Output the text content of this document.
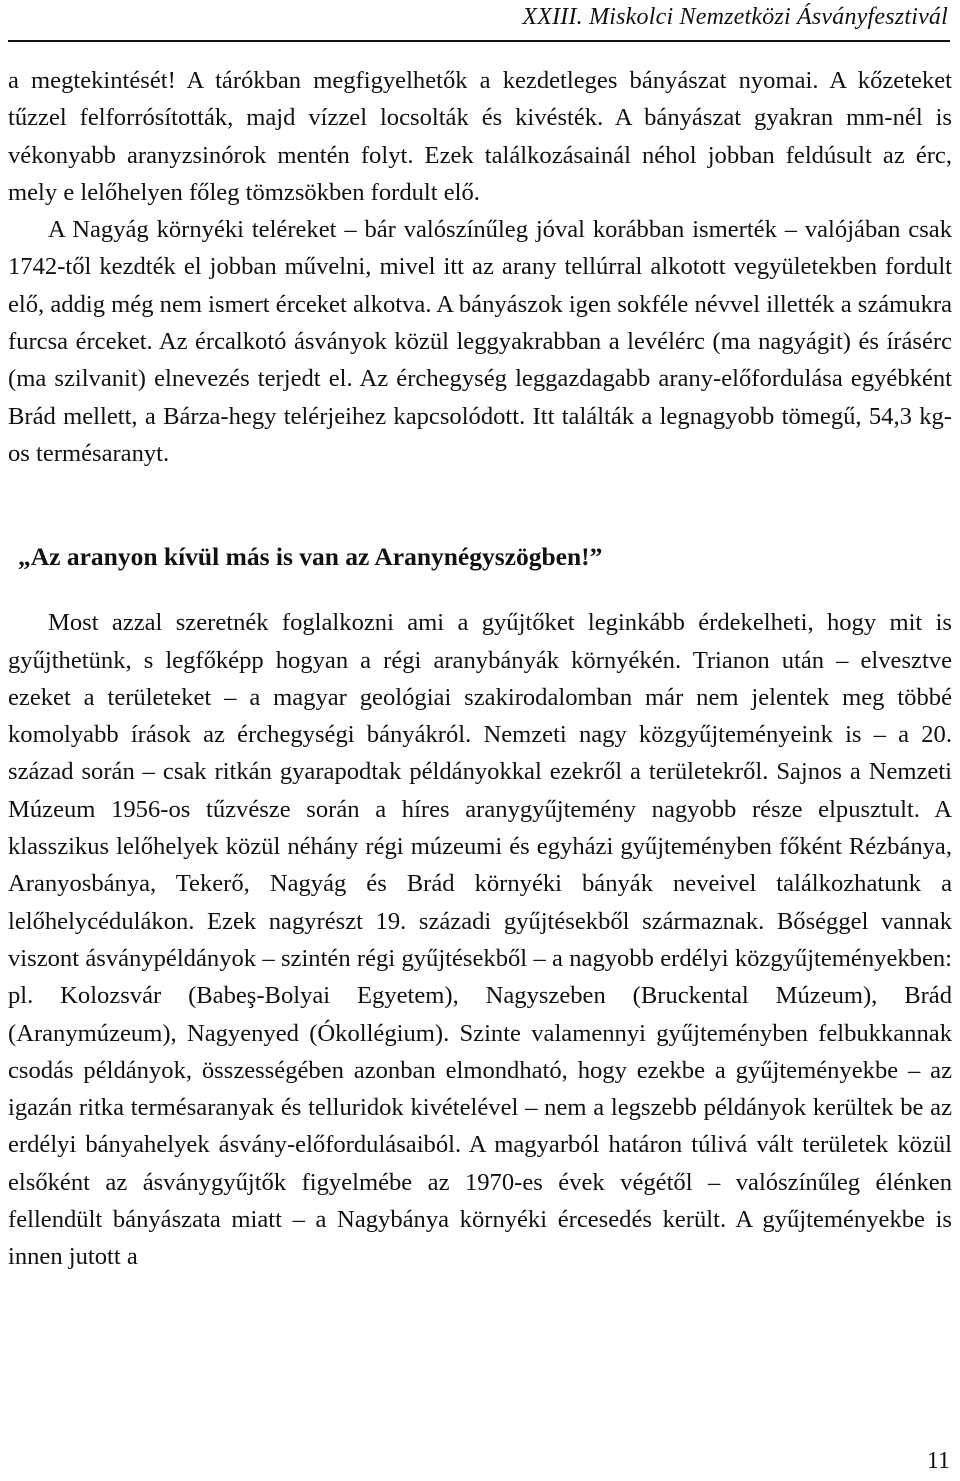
XXIII. Miskolci Nemzetközi Ásványfesztivál

a megtekintését! A tárókban megfigyelhetők a kezdetleges bányászat nyomai. A kőzeteket tűzzel felforrósították, majd vízzel locsolták és kivésték. A bányászat gyakran mm-nél is vékonyabb aranyzsinórok mentén folyt. Ezek találkozásainál néhol jobban feldúsult az érc, mely e lelőhelyen főleg tömzsökben fordult elő.

A Nagyág környéki teléreket – bár valószínűleg jóval korábban ismerték – valójában csak 1742-től kezdték el jobban művelni, mivel itt az arany tellúrral alkotott vegyületekben fordult elő, addig még nem ismert érceket alkotva. A bányászok igen sokféle névvel illették a számukra furcsa érceket. Az ércalkotó ásványok közül leggyakrabban a levélérc (ma nagyágit) és írásérc (ma szilvanit) elnevezés terjedt el. Az érchegység leggazdagabb arany-előfordulása egyébként Brád mellett, a Bárza-hegy telérjeihez kapcsolódott. Itt találták a legnagyobb tömegű, 54,3 kg-os termésaranyt.

„Az aranyon kívül más is van az Aranynégyszögben!”

Most azzal szeretnék foglalkozni ami a gyűjtőket leginkább érdekelheti, hogy mit is gyűjthetünk, s legfőképp hogyan a régi aranybányák környékén. Trianon után – elvesztve ezeket a területeket – a magyar geológiai szakirodalomban már nem jelentek meg többé komolyabb írások az érchegységi bányákról. Nemzeti nagy közgyűjteményeink is – a 20. század során – csak ritkán gyarapodtak példányokkal ezekről a területekről. Sajnos a Nemzeti Múzeum 1956-os tűzvésze során a híres aranygyűjtemény nagyobb része elpusztult. A klasszikus lelőhelyek közül néhány régi múzeumi és egyházi gyűjteményben főként Rézbánya, Aranyosbánya, Tekerő, Nagyág és Brád környéki bányák neveivel találkozhatunk a lelőhelycédulákon. Ezek nagyrészt 19. századi gyűjtésekből származnak. Bőséggel vannak viszont ásványpéldányok – szintén régi gyűjtésekből – a nagyobb erdélyi közgyűjteményekben: pl. Kolozsvár (Babeş-Bolyai Egyetem), Nagyszeben (Bruckental Múzeum), Brád (Aranymúzeum), Nagyenyed (Ókollégium). Szinte valamennyi gyűjteményben felbukkannak csodás példányok, összességében azonban elmondható, hogy ezekbe a gyűjteményekbe – az igazán ritka termésaranyak és telluridok kivételével – nem a legszebb példányok kerültek be az erdélyi bányahelyek ásvány-előfordulásaiból. A magyarból határon túlivá vált területek közül elsőként az ásványgyűjtők figyelmébe az 1970-es évek végétől – valószínűleg élénken fellendült bányászata miatt – a Nagybánya környéki ércesedés került. A gyűjteményekbe is innen jutott a

11
